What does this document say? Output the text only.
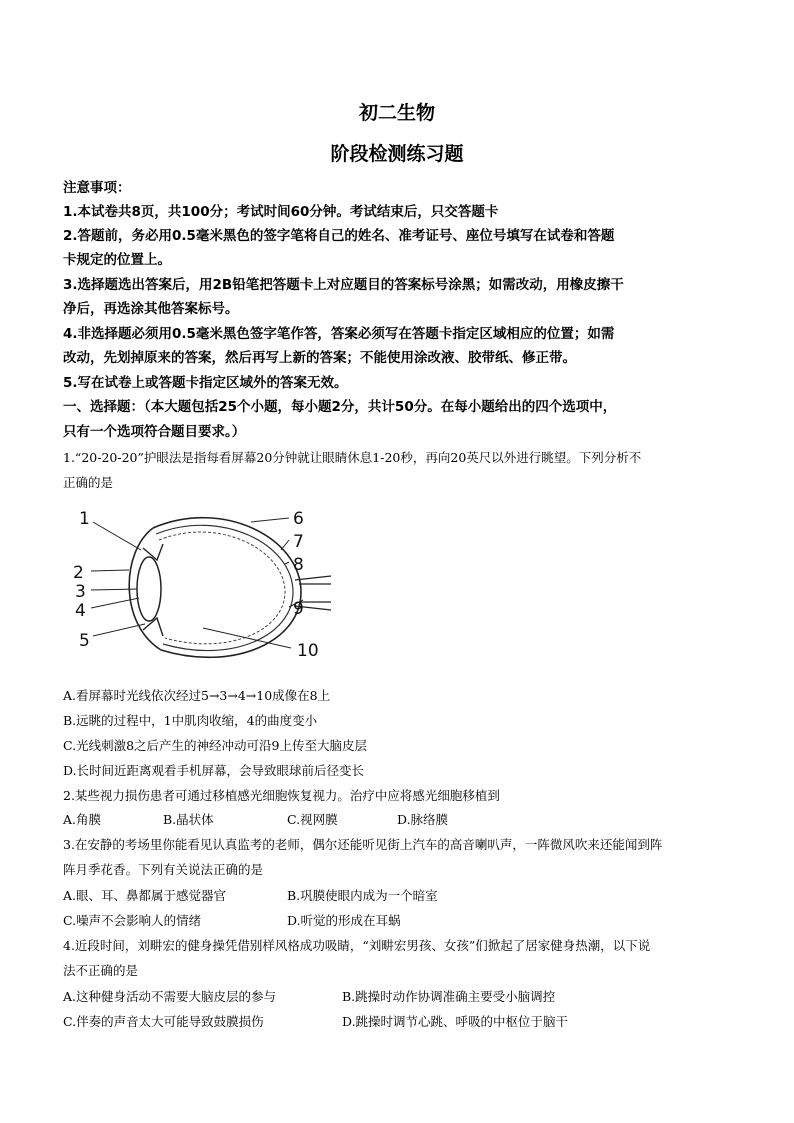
初二生物
阶段检测练习题
注意事项：
1.本试卷共8页，共100分；考试时间60分钟。考试结束后，只交答题卡
2.答题前，务必用0.5毫米黑色的签字笔将自己的姓名、准考证号、座位号填写在试卷和答题
卡规定的位置上。
3.选择题选出答案后，用2B铅笔把答题卡上对应题目的答案标号涂黑；如需改动，用橡皮擦干
净后，再选涂其他答案标号。
4.非选择题必须用0.5毫米黑色签字笔作答，答案必须写在答题卡指定区域相应的位置；如需
改动，先划掉原来的答案，然后再写上新的答案；不能使用涂改液、胶带纸、修正带。
5.写在试卷上或答题卡指定区域外的答案无效。
一、选择题：（本大题包括25个小题，每小题2分，共计50分。在每小题给出的四个选项中，
只有一个选项符合题目要求。）
1.“20-20-20”护眼法是指每看屏幕20分钟就让眼睛休息1-20秒，再向20英尺以外进行眺望。下列分析不
正确的是
1
2
3
4
5
6
7
8
9
10
A.看屏幕时光线依次经过5→3→4→10成像在8上
B.远眺的过程中，1中肌肉收缩，4的曲度变小
C.光线刺激8之后产生的神经冲动可沿9上传至大脑皮层
D.长时间近距离观看手机屏幕，会导致眼球前后径变长
2.某些视力损伤患者可通过移植感光细胞恢复视力。治疗中应将感光细胞移植到
A.角膜	B.晶状体	C.视网膜	D.脉络膜
3.在安静的考场里你能看见认真监考的老师，偶尔还能听见街上汽车的高音喇叭声，一阵微风吹来还能闻到阵
阵月季花香。下列有关说法正确的是
A.眼、耳、鼻都属于感觉器官	B.巩膜使眼内成为一个暗室
C.噪声不会影响人的情绪	D.听觉的形成在耳蜗
4.近段时间，刘畊宏的健身操凭借别样风格成功吸睛，“刘畊宏男孩、女孩”们掀起了居家健身热潮，以下说
法不正确的是
A.这种健身活动不需要大脑皮层的参与	B.跳操时动作协调准确主要受小脑调控
C.伴奏的声音太大可能导致鼓膜损伤	D.跳操时调节心跳、呼吸的中枢位于脑干
